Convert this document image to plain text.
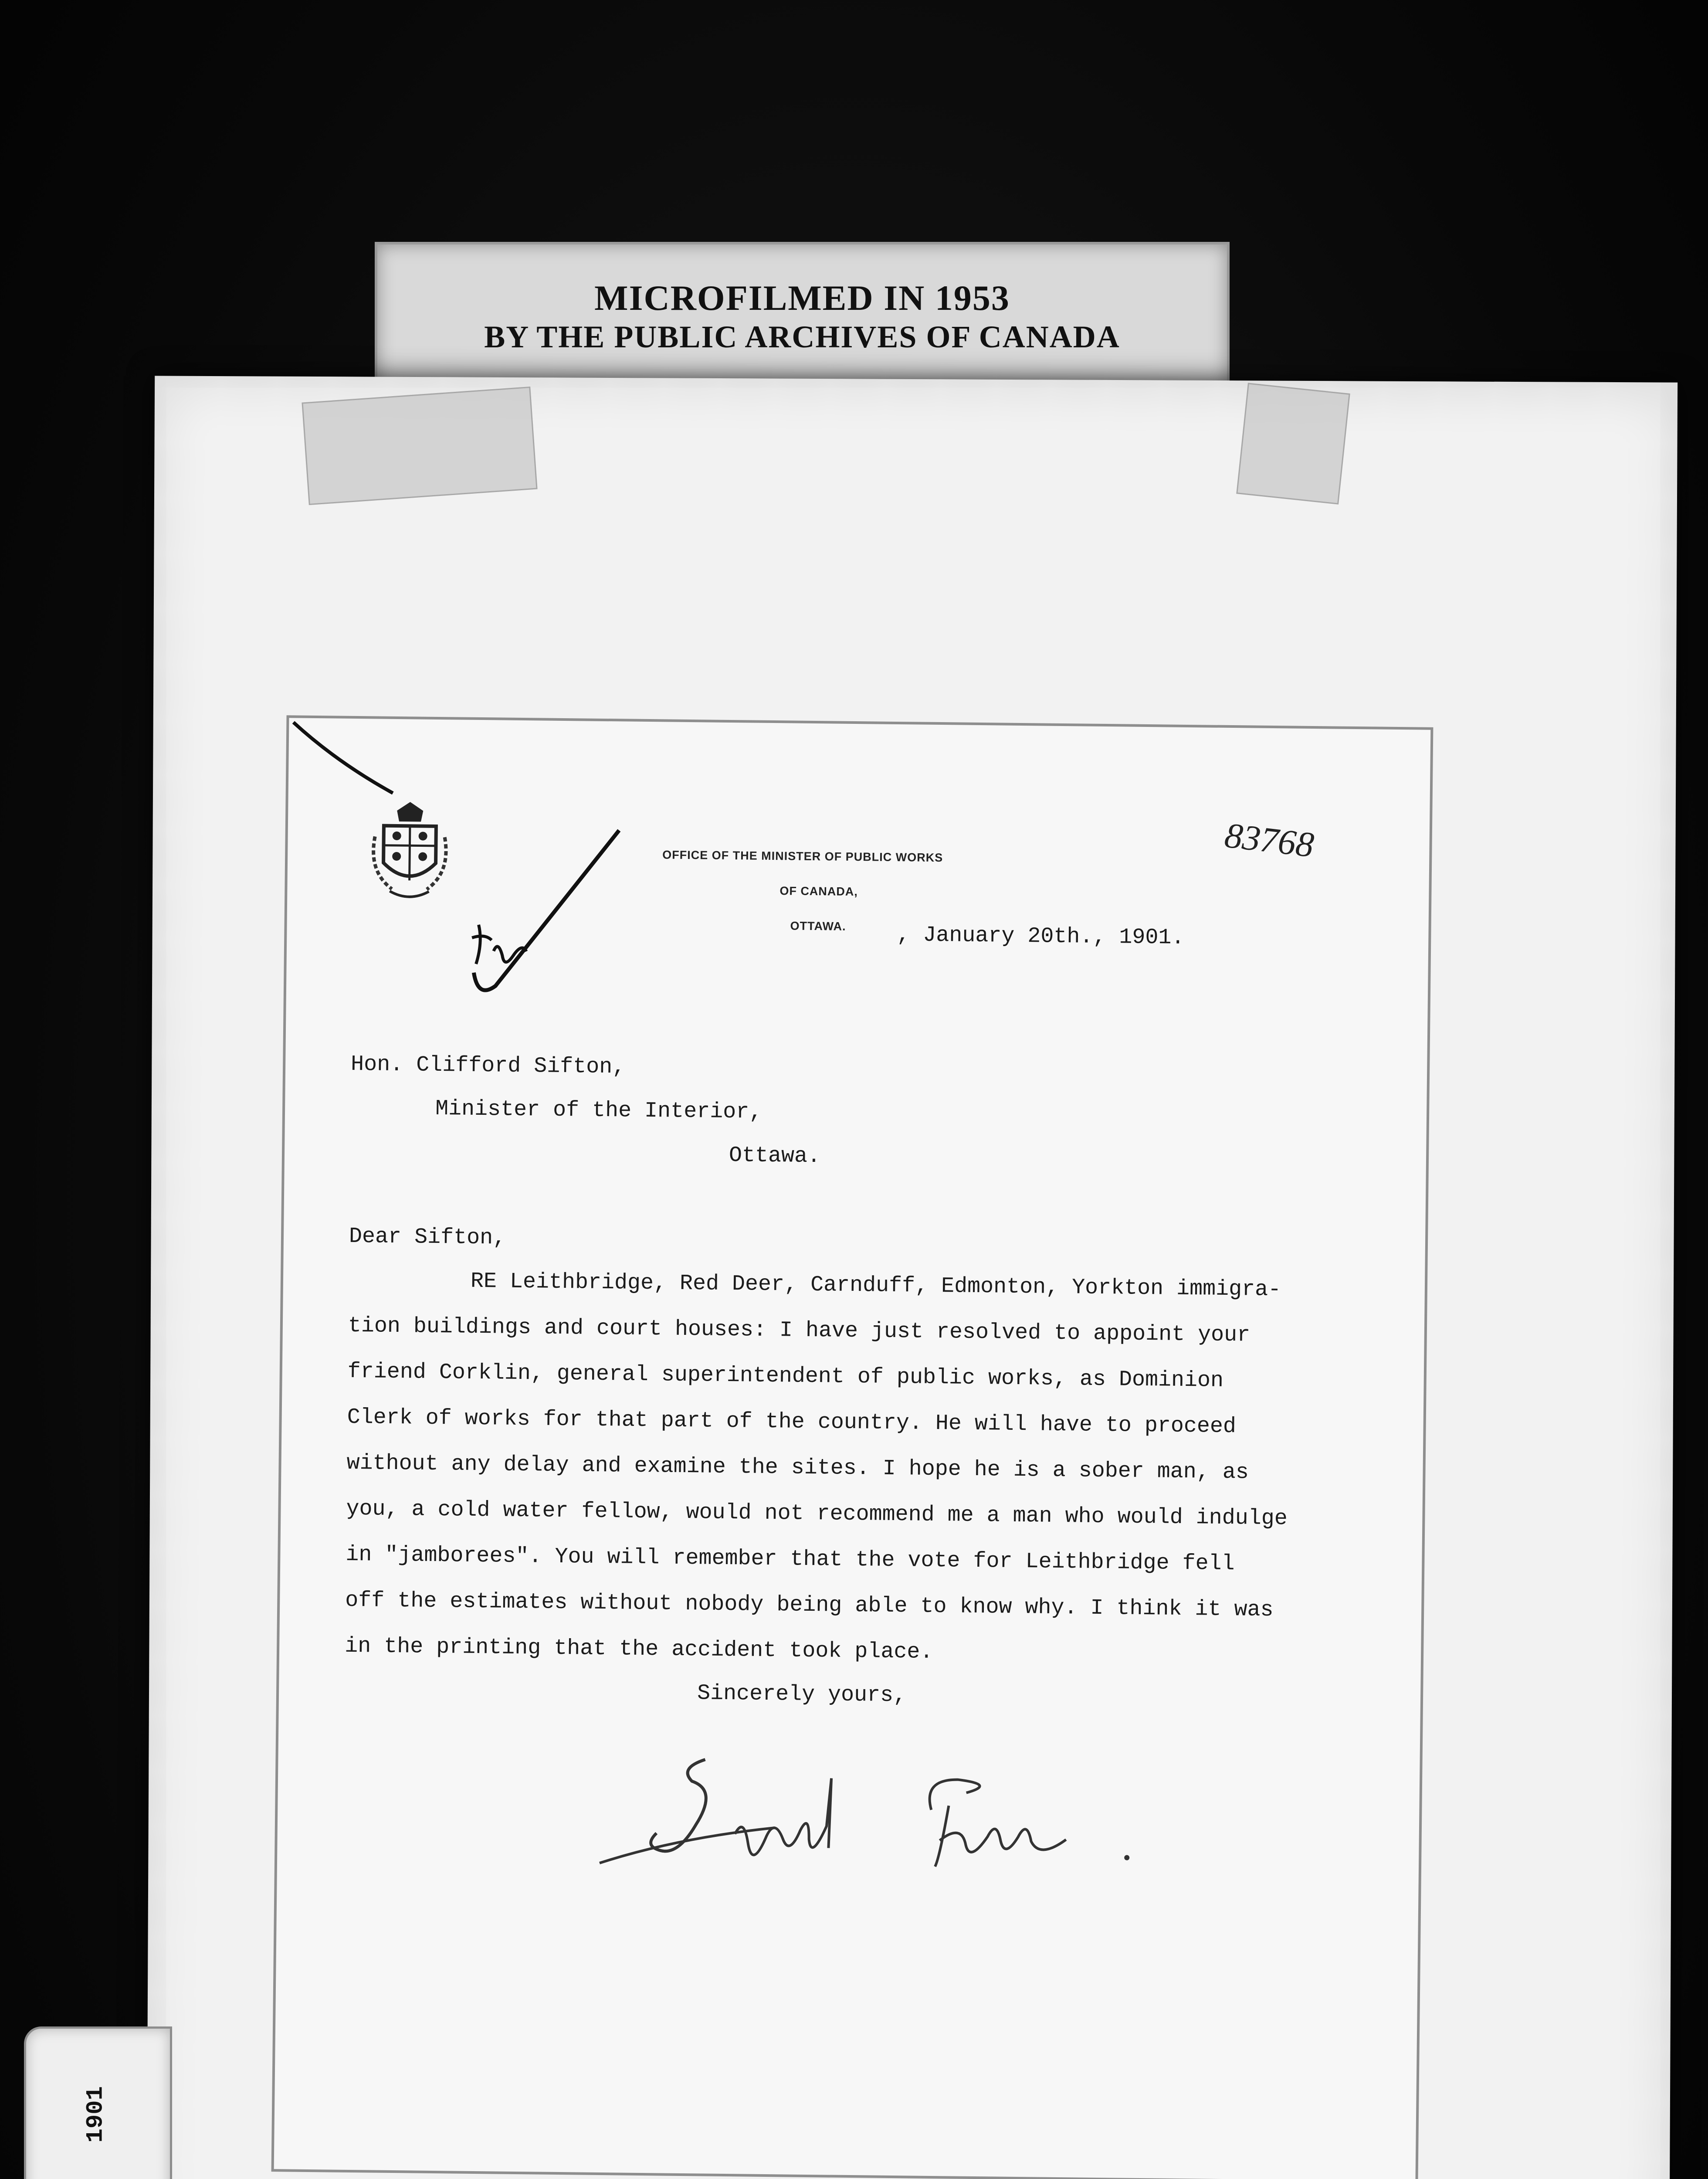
MICROFILMED IN 1953
BY THE PUBLIC ARCHIVES OF CANADA
OFFICE OF THE MINISTER OF PUBLIC WORKS
OF CANADA,
OTTAWA.
83768
, January 20th., 1901.
Hon. Clifford Sifton,
Minister of the Interior,
Ottawa.
Dear Sifton,
RE Leithbridge, Red Deer, Carnduff, Edmonton, Yorkton immigra-
tion buildings and court houses: I have just resolved to appoint your
friend Corklin, general superintendent of public works, as Dominion
Clerk of works for that part of the country. He will have to proceed
without any delay and examine the sites. I hope he is a sober man, as
you, a cold water fellow, would not recommend me a man who would indulge
in "jamborees". You will remember that the vote for Leithbridge fell
off the estimates without nobody being able to know why. I think it was
in the printing that the accident took place.
Sincerely yours,
1901
